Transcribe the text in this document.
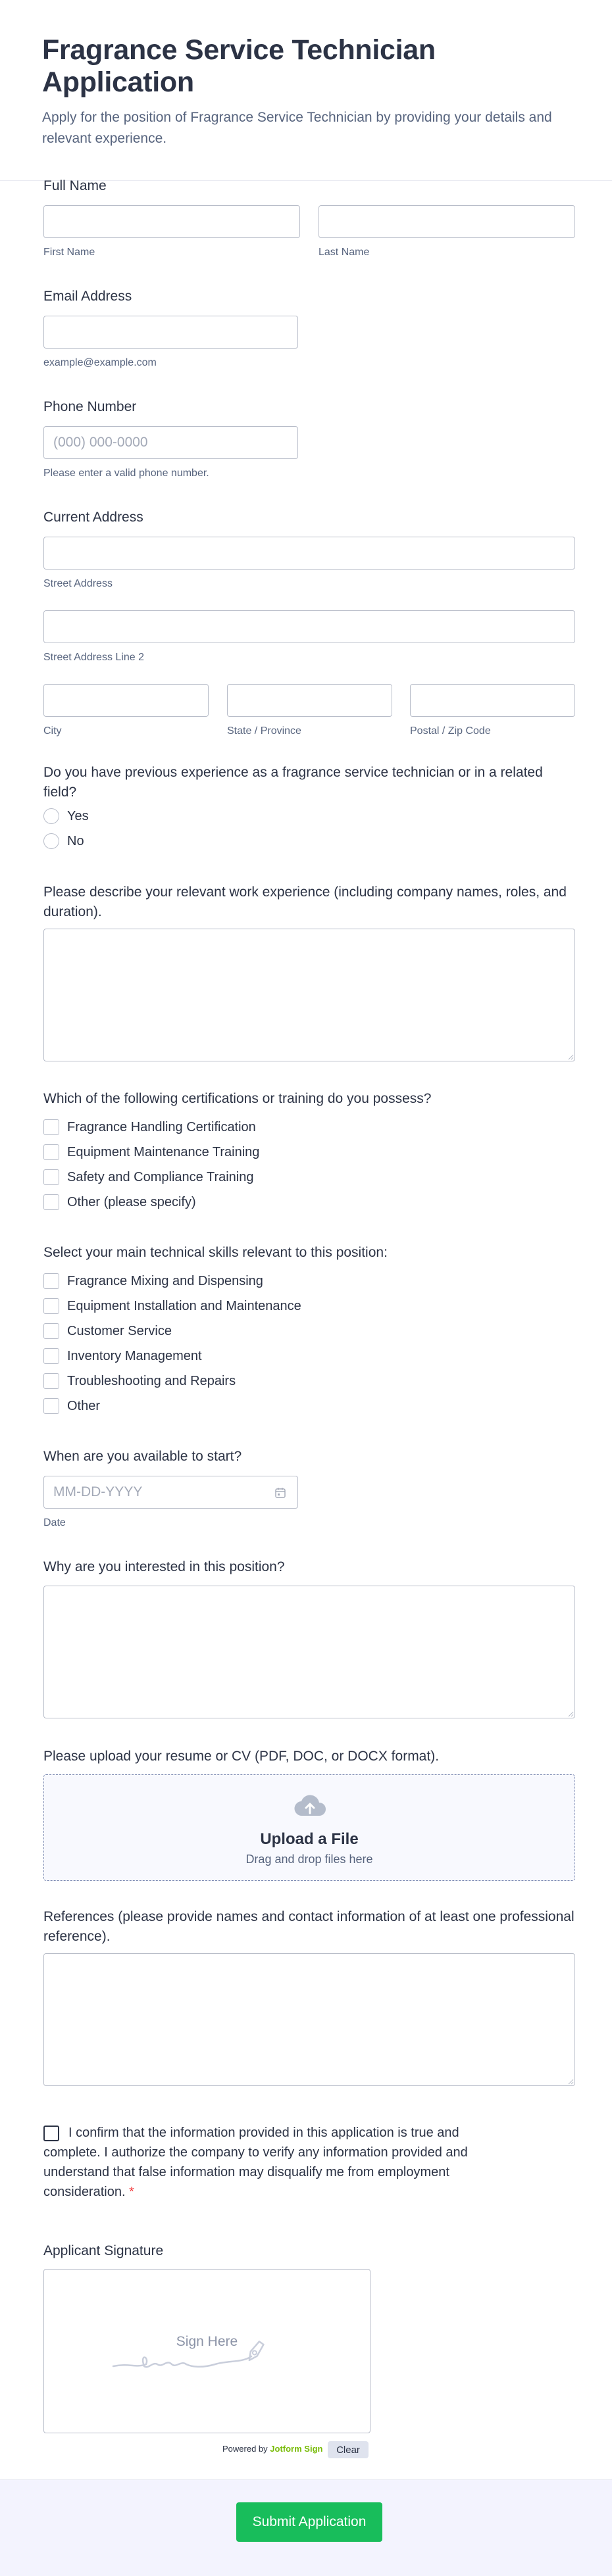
Fragrance Service Technician Application

Apply for the position of Fragrance Service Technician by providing your details and relevant experience.

Full Name
First Name	Last Name
Email Address
example@example.com
Phone Number
(000) 000-0000
Please enter a valid phone number.
Current Address
Street Address
Street Address Line 2
City	State / Province	Postal / Zip Code
Do you have previous experience as a fragrance service technician or in a related field?
Yes
No
Please describe your relevant work experience (including company names, roles, and duration).
Which of the following certifications or training do you possess?
Fragrance Handling Certification
Equipment Maintenance Training
Safety and Compliance Training
Other (please specify)
Select your main technical skills relevant to this position:
Fragrance Mixing and Dispensing
Equipment Installation and Maintenance
Customer Service
Inventory Management
Troubleshooting and Repairs
Other
When are you available to start?
MM-DD-YYYY
Date
Why are you interested in this position?
Please upload your resume or CV (PDF, DOC, or DOCX format).
Upload a File
Drag and drop files here
References (please provide names and contact information of at least one professional reference).
I confirm that the information provided in this application is true and complete. I authorize the company to verify any information provided and understand that false information may disqualify me from employment consideration. *
Applicant Signature
Sign Here
Powered by Jotform Sign	Clear
Submit Application
